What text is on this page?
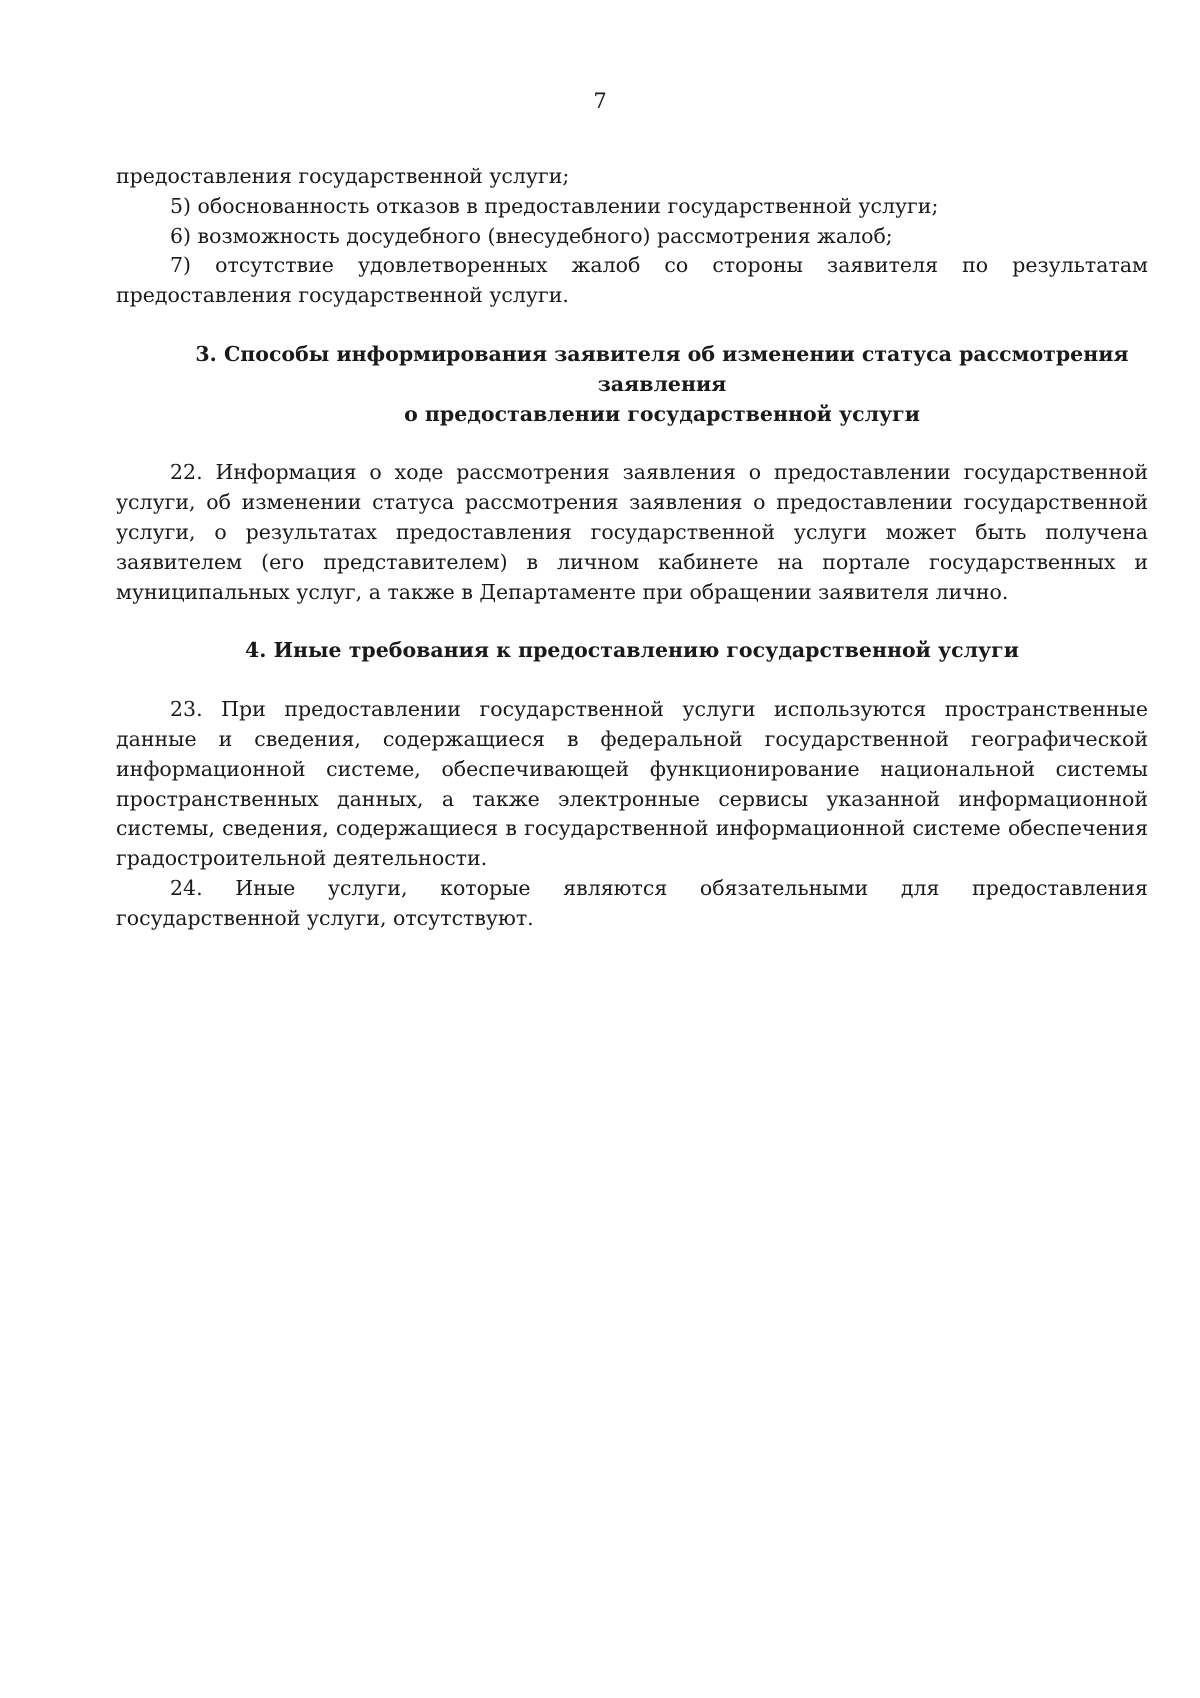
7

предоставления государственной услуги;

5) обоснованность отказов в предоставлении государственной услуги;

6) возможность досудебного (внесудебного) рассмотрения жалоб;

7) отсутствие удовлетворенных жалоб со стороны заявителя по результатам предоставления государственной услуги.

3. Способы информирования заявителя об изменении статуса рассмотрения заявления
о предоставлении государственной услуги

22. Информация о ходе рассмотрения заявления о предоставлении государственной услуги, об изменении статуса рассмотрения заявления о предоставлении государственной услуги, о результатах предоставления государственной услуги может быть получена заявителем (его представителем) в личном кабинете на портале государственных и муниципальных услуг, а также в Департаменте при обращении заявителя лично.

4. Иные требования к предоставлению государственной услуги

23. При предоставлении государственной услуги используются пространственные данные и сведения, содержащиеся в федеральной государственной географической информационной системе, обеспечивающей функционирование национальной системы пространственных данных, а также электронные сервисы указанной информационной системы, сведения, содержащиеся в государственной информационной системе обеспечения градостроительной деятельности.

24. Иные услуги, которые являются обязательными для предоставления государственной услуги, отсутствуют.
